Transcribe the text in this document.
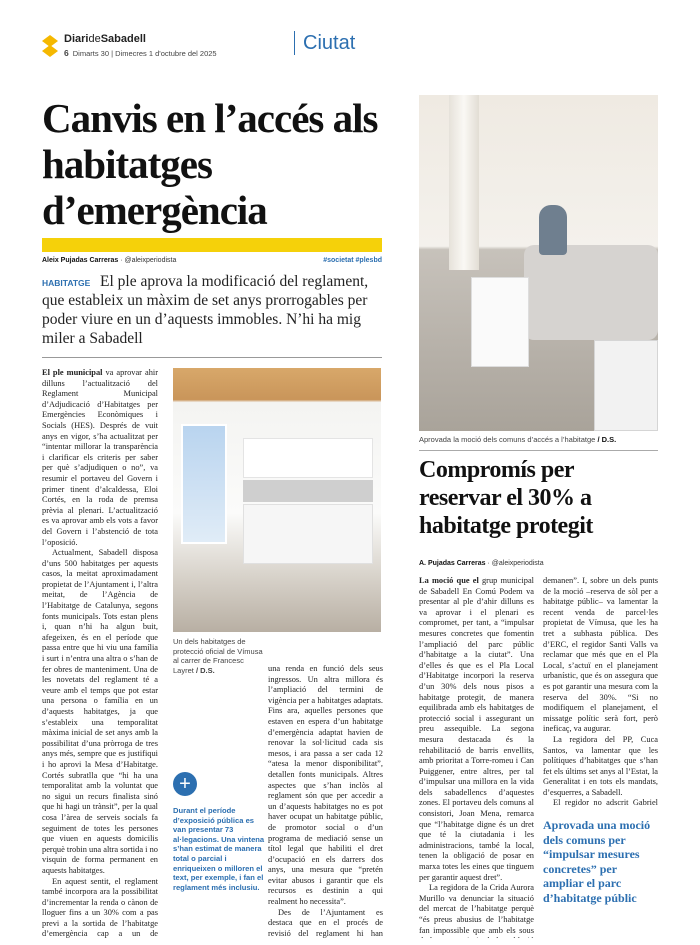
DiarideSabadell
6 Dimarts 30 | Dimecres 1 d'octubre del 2025	Ciutat
Canvis en l’accés als habitatges d’emergència
Aleix Pujadas Carreras · @aleixperiodista	#societat #plesbd
El ple aprova la modificació del reglament, que estableix un màxim de set anys prorrogables per poder viure en un d’aquests immobles. N’hi ha mig miler a Sabadell
HABITATGE

El ple municipal va aprovar ahir dilluns l’actualització del Reglament Municipal d’Adjudicació d’Habitatges per Emergències Econòmiques i Socials (HES). Després de vuit anys en vigor, s’ha actualitzat per “intentar millorar la transparència i clarificar els criteris per saber per què s’adjudiquen o no”, va resumir el portaveu del Govern i primer tinent d’alcaldessa, Eloi Cortés, en la roda de premsa prèvia al plenari. L’actualització es va aprovar amb els vots a favor del Govern i l’abstenció de tota l’oposició.

Actualment, Sabadell disposa d’uns 500 habitatges per aquests casos, la meitat aproximadament propietat de l’Ajuntament i, l’altra meitat, de l’Agència de l’Habitatge de Catalunya, segons fonts municipals. Tots estan plens i, quan n’hi ha algun buit, afegeixen, és en el període que passa entre que hi viu una família i surt i n’entra una altra o s’han de fer obres de manteniment. Una de les novetats del reglament té a veure amb el temps que pot estar una persona o família en un d’aquests habitatges, ja que s’estableix una temporalitat màxima inicial de set anys amb la possibilitat d’una pròrroga de tres anys més, sempre que es justifiqui i ho aprovi la Mesa d’Habitatge. Cortés subratlla que “hi ha una temporalitat amb la voluntat que no sigui un recurs finalista sinó que hi hagi un trànsit”, per la qual cosa l’àrea de serveis socials fa seguiment de totes les persones que viuen en aquests domicilis perquè trobin una altra sortida i no visquin de forma permanent en aquests habitatges.

En aquest sentit, el reglament també incorpora ara la possibilitat d’incrementar la renda o cànon de lloguer fins a un 30% com a pas previ a la sortida de l’habitatge d’emergència cap a un de

Un dels habitatges de protecció oficial de Vímusa al carrer de Francesc Layret / D.S.
+
Durant el període d’exposició pública es van presentar 73 al·legacions. Una vintena s’han estimat de manera total o parcial i enriqueixen o milloren el text, per exemple, i fan el reglament més inclusiu.

una renda en funció dels seus ingressos. Un altra millora és l’ampliació del termini de vigència per a habitatges adaptats. Fins ara, aquelles persones que estaven en espera d’un habitatge d’emergència adaptat havien de renovar la sol·licitud cada sis mesos, i ara passa a ser cada 12 “atesa la menor disponibilitat”, detallen fonts municipals. Altres aspectes que s’han inclòs al reglament són que per accedir a un d’aquests habitatges no es pot haver ocupat un habitatge públic, de promotor social o d’un programa de mediació sense un títol legal que habiliti el dret d’ocupació en els darrers dos anys, una mesura que “pretén evitar abusos i garantir que els recursos es destinin a qui realment ho necessita”.

Des de l’Ajuntament es destaca que en el procés de revisió del reglament hi han

Aprovada la moció dels comuns d’accés a l’habitatge / D.S.
Compromís per reservar el 30% a habitatge protegit
A. Pujadas Carreras · @aleixperiodista

La moció que el grup municipal de Sabadell En Comú Podem va presentar al ple d’ahir dilluns es va aprovar i el plenari es compromet, per tant, a “impulsar mesures concretes que fomentin l’ampliació del parc públic d’habitatge a la ciutat”. Una d’elles és que es el Pla Local d’Habitatge incorpori la reserva d’un 30% dels nous pisos a habitatge protegit, de manera equilibrada amb els habitatges de protecció social i assegurant un preu assequible. La segona mesura destacada és la rehabilitació de barris envellits, amb prioritat a Torre-romeu i Can Puiggener, entre altres, per tal d’impulsar una millora en la vida dels sabadellencs d’aquestes zones. El portaveu dels comuns al consistori, Joan Mena, remarca que “l’habitatge digne és un dret que té la ciutadania i les administracions, també la local, tenen la obligació de posar en marxa totes les eines que tinguem per garantir aquest dret”.

La regidora de la Crida Aurora Murillo va denunciar la situació del mercat de l’habitatge perquè “és preus abusius de l’habitatge fan impossible que amb els sous

demanen”. I, sobre un dels punts de la moció –reserva de sòl per a habitatge públic– va lamentar la recent venda de parcel·les propietat de Vímusa, que les ha tret a subhasta pública. Des d’ERC, el regidor Santi Valls va reclamar que més que en el Pla Local, s’actuï en el planejament urbanístic, que és on assegura que es pot garantir una mesura com la reserva del 30%. “Si no modifiquem el planejament, el missatge polític serà fort, però ineficaç, va augurar.

La regidora del PP, Cuca Santos, va lamentar que les polítiques d’habitatges que s’han fet els últims set anys al l’Estat, la Generalitat i en tots els mandats, d’esquerres, a Sabadell.

El regidor no adscrit Gabriel

Aprovada una moció dels comuns per “impulsar mesures concretes” per ampliar el parc d’habitatge públic
